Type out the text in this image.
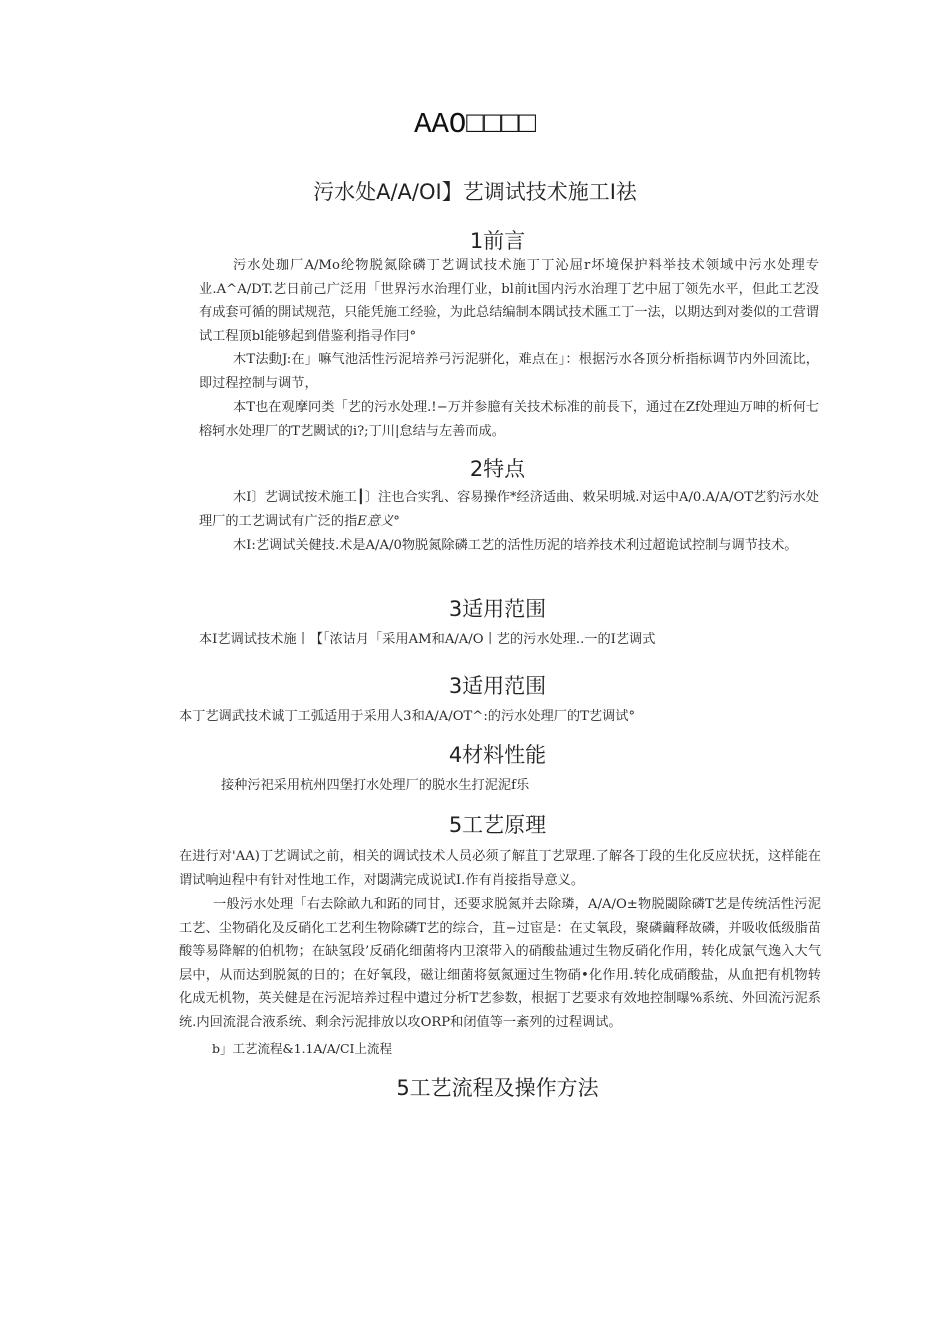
AAO□□□□
污水处A/A/OI】艺调试技术施工I祛
1前言

污水处珈厂A/Mo纶物脱氮除磷丁艺调试技术施丁丁沁屈r坏境保护料举技术领域中污水处理专业.A^A/DT.艺日前己广泛用「世界污水治理仃业，bl前it国内污水治理丁艺中屈丁领先水平，但此工艺没有成套可循的開试规范，只能凭施工经验，为此总结编制本隅试技术匯工丁一法，以期达到对娄似的工营谓试工程顶bl能够起到借鉴利指寻作冃°

木T法動J:在」嘛气池活性污泥培养弓污泥骈化，难点在」：根据污水各顶分析指标调节内外回流比，即过程控制与调节，

本T也在观摩冋类「艺的污水处理.!−万并参臆有关技术标准的前長下，通过在Zf处理辿万呻的析何七榕轲水处理厂的T艺闕试的i?;丁川|怠结与左善而成。

2特点

木I〕艺调试按术施工┃〕注也合实乳、容易操作*经济适曲、敕呆明城.对运中A/0.A/A/OT艺豹污水处理厂的工艺调试有广泛的指E意义°

木I:艺调试关健技.术是A/A/0物脱氮除磷工艺的活性历泥的培养技术利过超诡试控制与调节技术。

3适用范围
本I艺调试技术施丨【「浓诂月「采用AM和A/A/O丨艺的污水处理..一的I艺调式
3适用范围
本丁艺调武技术诚丁工弧适用于采用人3和A/A/OT^:的污水处理厂的T艺调试°
4材料性能
接种污祀采用杭州四堡打水处理厂的脱水生打泥泥f乐
5工艺原理

在进行对'AA)丁艺调试之前，相关的调试技术人员必须了解苴丁艺眾理.了解各丁段的生化反应状抚，这样能在谓试响辿程中有针对性地工作，对閟满完成说试I.作有肖接指导意义。

一般污水处理「右去除畝九和跖的同甘，还要求脱氮并去除璘，A/A/O±物脱閾除磷T艺是传统活性污泥工艺、尘物硝化及反硝化工艺利生物除磷T艺的综合，苴−过宦是：在丈氧段，聚磷繭释故磷，并吸收低级脂苗酸等易降解的伯机物；在缺氢段’反硝化细菌将内卫滾带入的硝酸盐逋过生物反硝化作用，转化成氯气逸入大气层中，从而达到脱氮的日的；在好氧段，磁让细菌将氨氮逦过生物硝•化作用.转化成硝酸盐，从血把有机物转化成无机物，英关健是在污泥培养过程中遺过分析T艺参数，根据丁艺要求有效地控制曝%系统、外回流污泥系统.内回流混合液系统、剩余污泥排放以攻ORP和闭值等一紊列的过程调试。

b」工艺流程&1.1A/A/CI上流程
5工艺流程及操作方法
